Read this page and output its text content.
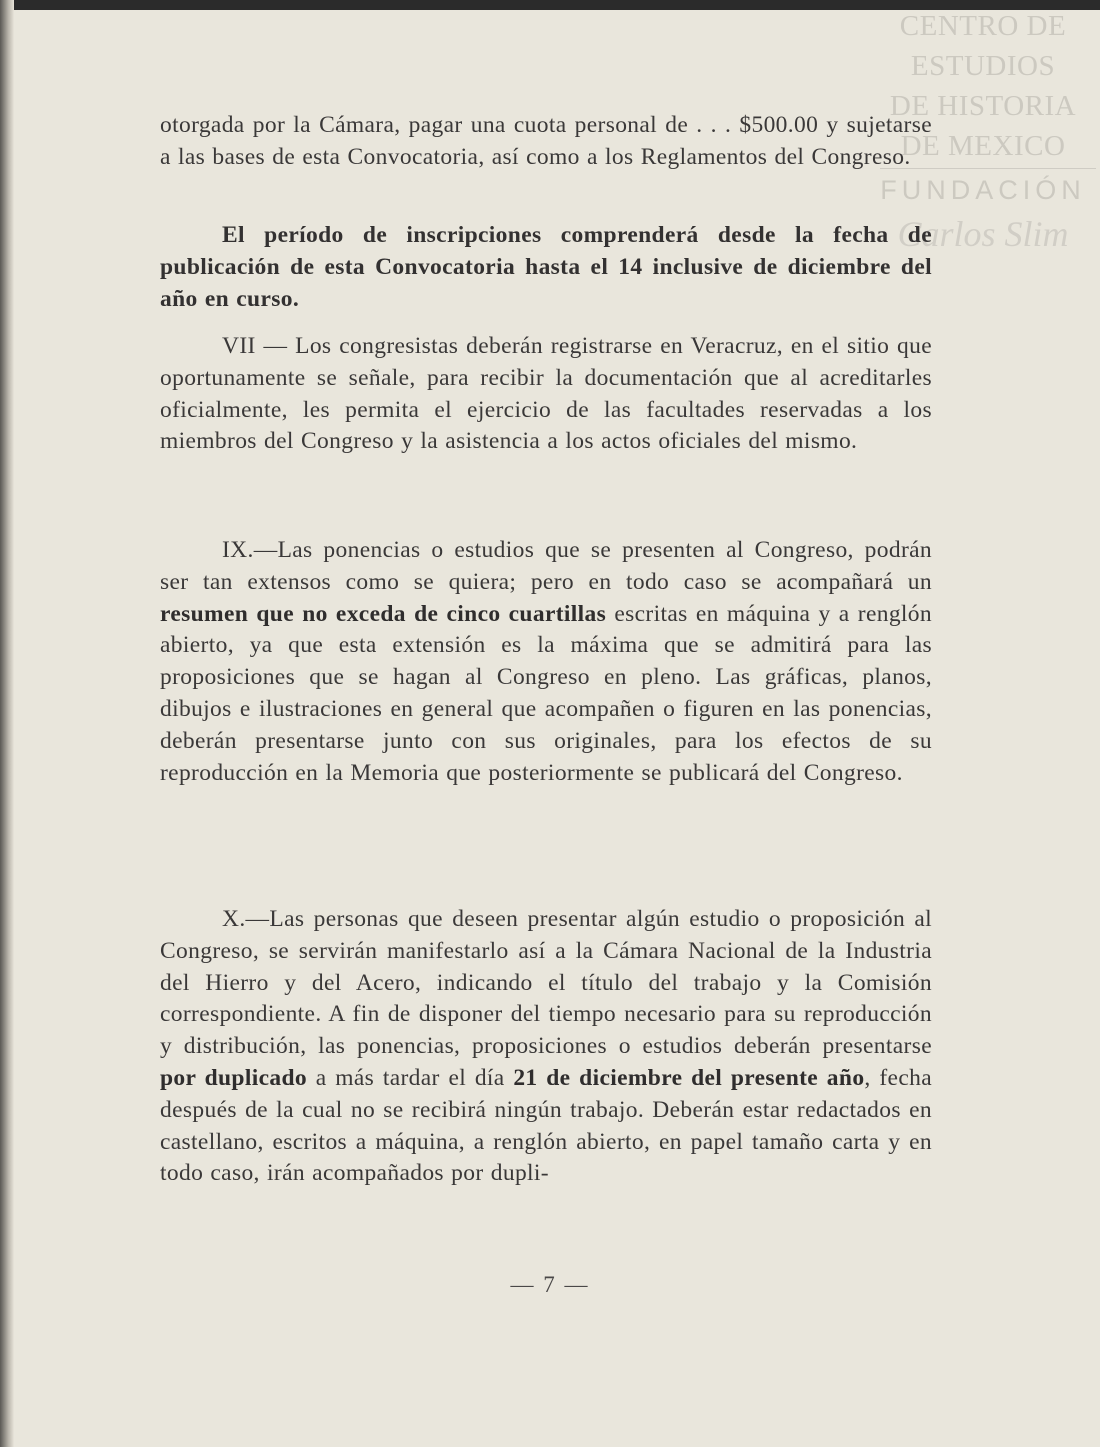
CENTRO DE
ESTUDIOS
DE HISTORIA
DE MEXICO
FUNDACIÓN
Carlos Slim

otorgada por la Cámara, pagar una cuota personal de . . . $500.00 y sujetarse a las bases de esta Convocatoria, así como a los Reglamentos del Congreso.

El período de inscripciones comprenderá desde la fecha de publicación de esta Convocatoria hasta el 14 inclusive de diciembre del año en curso.

VII — Los congresistas deberán registrarse en Veracruz, en el sitio que oportunamente se señale, para recibir la documentación que al acreditarles oficialmente, les permita el ejercicio de las facultades reservadas a los miembros del Congreso y la asistencia a los actos oficiales del mismo.

IX.—Las ponencias o estudios que se presenten al Congreso, podrán ser tan extensos como se quiera; pero en todo caso se acompañará un resumen que no exceda de cinco cuartillas escritas en máquina y a renglón abierto, ya que esta extensión es la máxima que se admitirá para las proposiciones que se hagan al Congreso en pleno. Las gráficas, planos, dibujos e ilustraciones en general que acompañen o figuren en las ponencias, deberán presentarse junto con sus originales, para los efectos de su reproducción en la Memoria que posteriormente se publicará del Congreso.

X.—Las personas que deseen presentar algún estudio o proposición al Congreso, se servirán manifestarlo así a la Cámara Nacional de la Industria del Hierro y del Acero, indicando el título del trabajo y la Comisión correspondiente. A fin de disponer del tiempo necesario para su reproducción y distribución, las ponencias, proposiciones o estudios deberán presentarse por duplicado a más tardar el día 21 de diciembre del presente año, fecha después de la cual no se recibirá ningún trabajo. Deberán estar redactados en castellano, escritos a máquina, a renglón abierto, en papel tamaño carta y en todo caso, irán acompañados por dupli-

— 7 —
